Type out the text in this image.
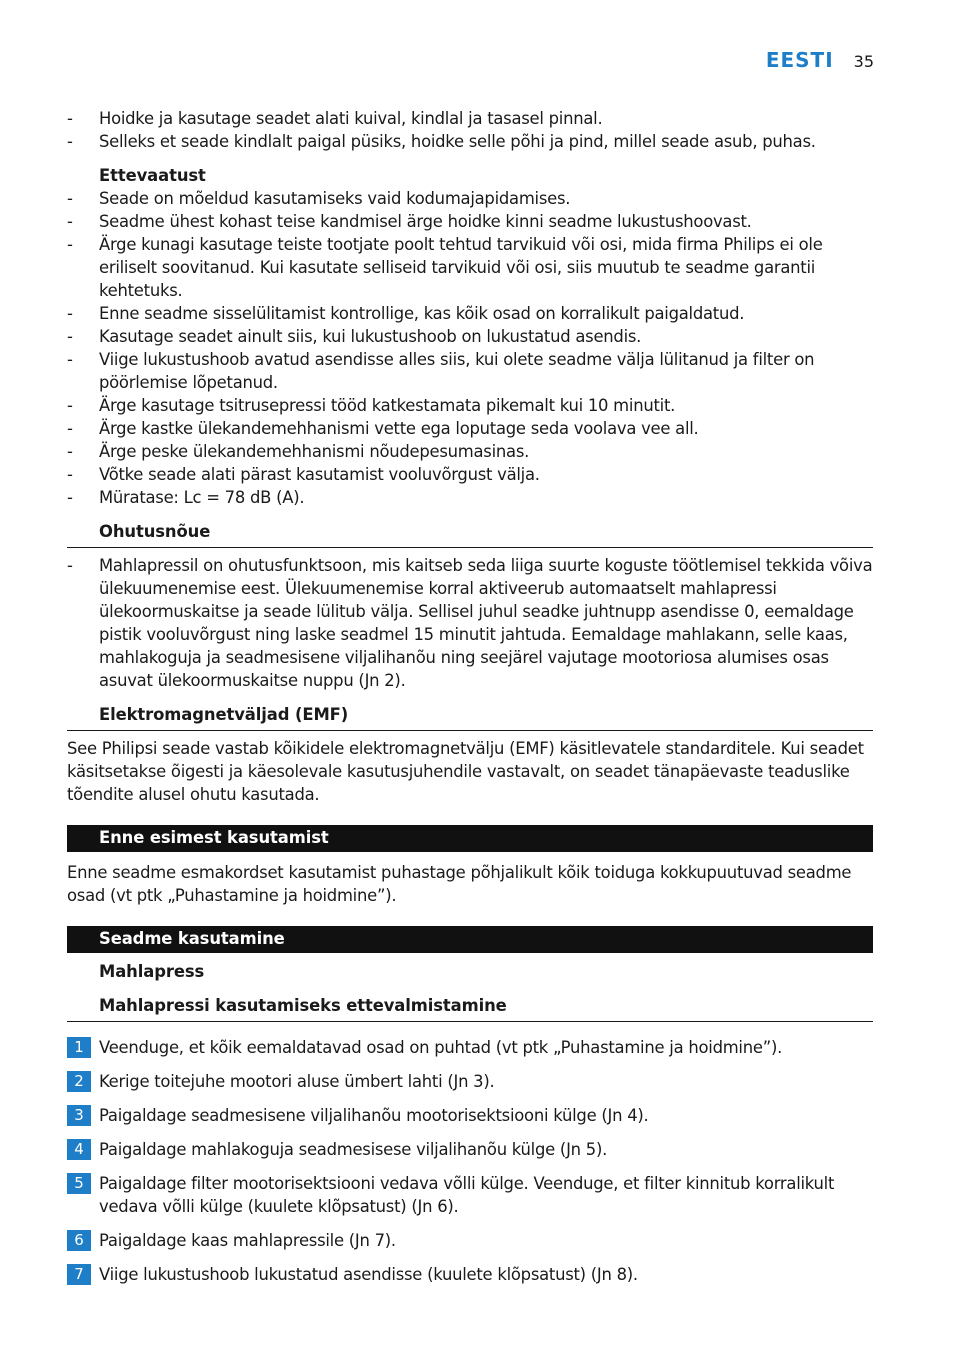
EESTI 35
-	Hoidke ja kasutage seadet alati kuival, kindlal ja tasasel pinnal.
-	Selleks et seade kindlalt paigal püsiks, hoidke selle põhi ja pind, millel seade asub, puhas.
Ettevaatust
-	Seade on mõeldud kasutamiseks vaid kodumajapidamises.
-	Seadme ühest kohast teise kandmisel ärge hoidke kinni seadme lukustushoovast.
-	Ärge kunagi kasutage teiste tootjate poolt tehtud tarvikuid või osi, mida firma Philips ei ole eriliselt soovitanud. Kui kasutate selliseid tarvikuid või osi, siis muutub te seadme garantii kehtetuks.
-	Enne seadme sisselülitamist kontrollige, kas kõik osad on korralikult paigaldatud.
-	Kasutage seadet ainult siis, kui lukustushoob on lukustatud asendis.
-	Viige lukustushoob avatud asendisse alles siis, kui olete seadme välja lülitanud ja filter on pöörlemise lõpetanud.
-	Ärge kasutage tsitrusepressi tööd katkestamata pikemalt kui 10 minutit.
-	Ärge kastke ülekandemehhanismi vette ega loputage seda voolava vee all.
-	Ärge peske ülekandemehhanismi nõudepesumasinas.
-	Võtke seade alati pärast kasutamist vooluvõrgust välja.
-	Müratase: Lc = 78 dB (A).
Ohutusnõue
-	Mahlapressil on ohutusfunktsoon, mis kaitseb seda liiga suurte koguste töötlemisel tekkida võiva ülekuumenemise eest. Ülekuumenemise korral aktiveerub automaatselt mahlapressi ülekoormuskaitse ja seade lülitub välja. Sellisel juhul seadke juhtnupp asendisse 0, eemaldage pistik vooluvõrgust ning laske seadmel 15 minutit jahtuda. Eemaldage mahlakann, selle kaas, mahlakoguja ja seadmesisene viljalihanõu ning seejärel vajutage mootoriosa alumises osas asuvat ülekoormuskaitse nuppu (Jn 2).
Elektromagnetväljad (EMF)
See Philipsi seade vastab kõikidele elektromagnetvälju (EMF) käsitlevatele standarditele. Kui seadet käsitsetakse õigesti ja käesolevale kasutusjuhendile vastavalt, on seadet tänapäevaste teaduslike tõendite alusel ohutu kasutada.
Enne esimest kasutamist
Enne seadme esmakordset kasutamist puhastage põhjalikult kõik toiduga kokkupuutuvad seadme osad (vt ptk „Puhastamine ja hoidmine”).
Seadme kasutamine
Mahlapress
Mahlapressi kasutamiseks ettevalmistamine
1 Veenduge, et kõik eemaldatavad osad on puhtad (vt ptk „Puhastamine ja hoidmine”).
2 Kerige toitejuhe mootori aluse ümbert lahti (Jn 3).
3 Paigaldage seadmesisene viljalihanõu mootorisektsiooni külge (Jn 4).
4 Paigaldage mahlakoguja seadmesisese viljalihanõu külge (Jn 5).
5 Paigaldage filter mootorisektsiooni vedava võlli külge. Veenduge, et filter kinnitub korralikult vedava võlli külge (kuulete klõpsatust) (Jn 6).
6 Paigaldage kaas mahlapressile (Jn 7).
7 Viige lukustushoob lukustatud asendisse (kuulete klõpsatust) (Jn 8).
